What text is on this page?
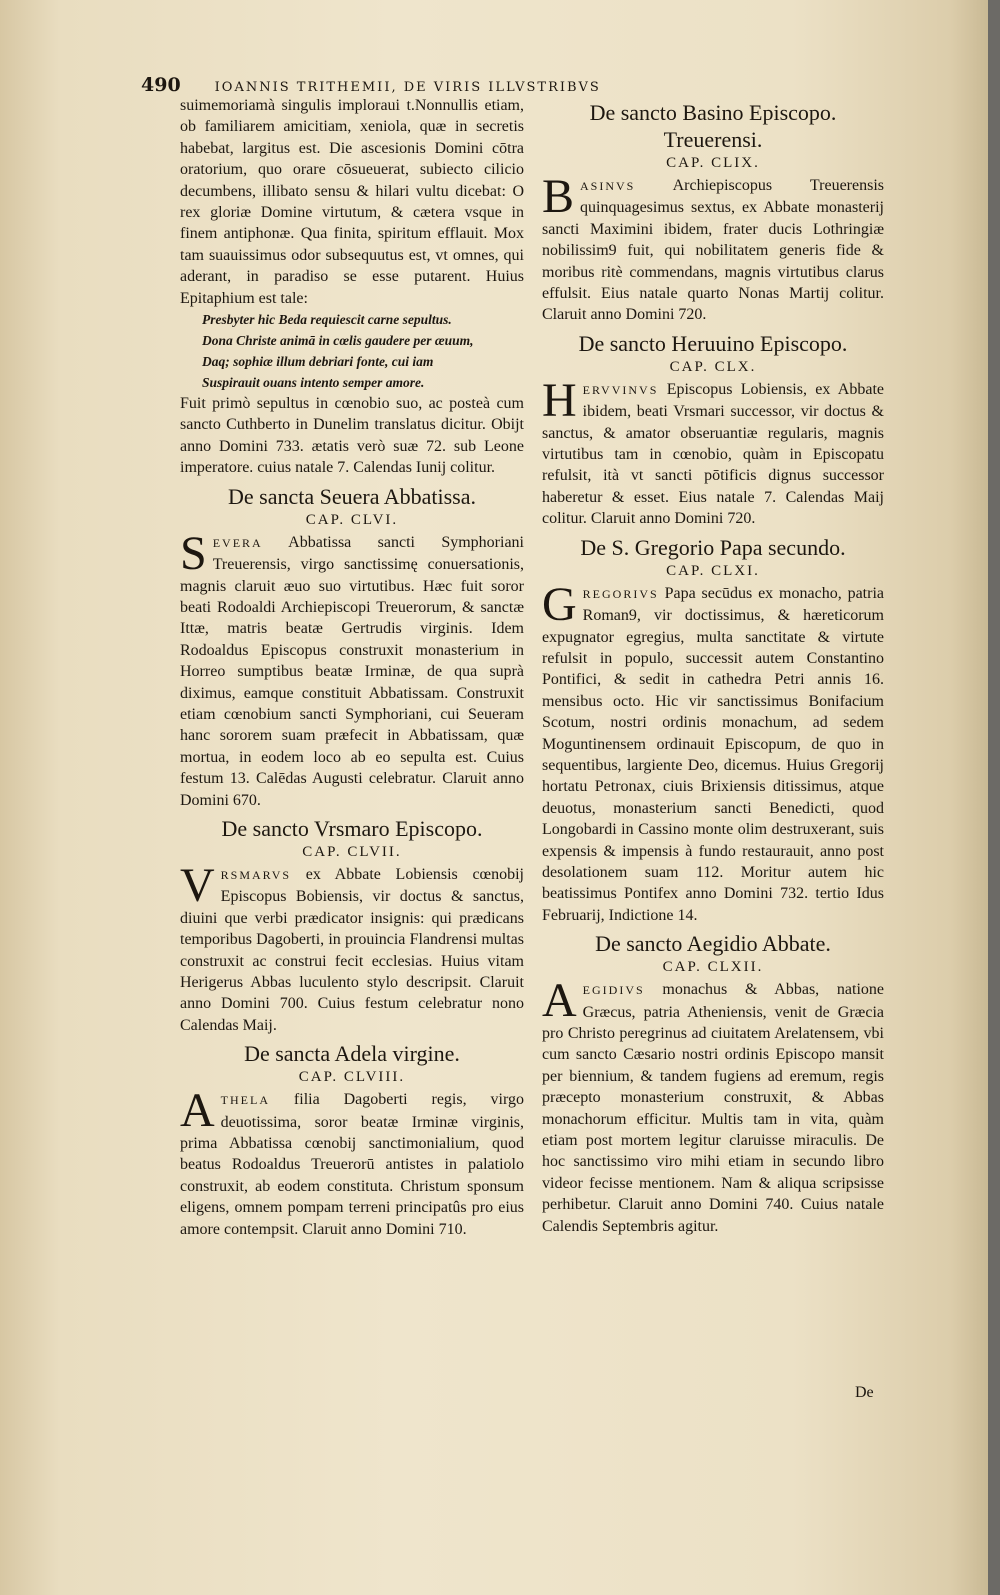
490	IOANNIS TRITHEMII, DE VIRIS ILLVSTRIBVS

suimemoriamà singulis imploraui t.Nonnullis etiam, ob familiarem amicitiam, xeniola, quæ in secretis habebat, largitus est. Die ascesionis Domini cōtra oratorium, quo orare cōsueuerat, subiecto cilicio decumbens, illibato sensu & hilari vultu dicebat: O rex gloriæ Domine virtutum, & cætera vsque in finem antiphonæ. Qua finita, spiritum efflauit. Mox tam suauissimus odor subsequutus est, vt omnes, qui aderant, in paradiso se esse putarent. Huius Epitaphium est tale:

Presbyter hic Beda requiescit carne sepultus.

Dona Christe animā in cœlis gaudere per æuum,

Daq; sophiæ illum debriari fonte, cui iam

Suspirauit ouans intento semper amore.

Fuit primò sepultus in cœnobio suo, ac posteà cum sancto Cuthberto in Dunelim translatus dicitur. Obijt anno Domini 733. ætatis verò suæ 72. sub Leone imperatore. cuius natale 7. Calendas Iunij colitur.

De sancta Seuera Abbatissa.
CAP. CLVI.

SEVERA Abbatissa sancti Symphoriani Treuerensis, virgo sanctissimę conuersationis, magnis claruit æuo suo virtutibus. Hæc fuit soror beati Rodoaldi Archiepiscopi Treuerorum, & sanctæ Ittæ, matris beatæ Gertrudis virginis. Idem Rodoaldus Episcopus construxit monasterium in Horreo sumptibus beatæ Irminæ, de qua suprà diximus, eamque constituit Abbatissam. Construxit etiam cœnobium sancti Symphoriani, cui Seueram hanc sororem suam præfecit in Abbatissam, quæ mortua, in eodem loco ab eo sepulta est. Cuius festum 13. Calēdas Augusti celebratur. Claruit anno Domini 670.

De sancto Vrsmaro Episcopo.
CAP. CLVII.

VRSMARVS ex Abbate Lobiensis cœnobij Episcopus Bobiensis, vir doctus & sanctus, diuini que verbi prædicator insignis: qui prædicans temporibus Dagoberti, in prouincia Flandrensi multas construxit ac construi fecit ecclesias. Huius vitam Herigerus Abbas luculento stylo descripsit. Claruit anno Domini 700. Cuius festum celebratur nono Calendas Maij.

De sancta Adela virgine.
CAP. CLVIII.

ATHELA filia Dagoberti regis, virgo deuotissima, soror beatæ Irminæ virginis, prima Abbatissa cœnobij sanctimonialium, quod beatus Rodoaldus Treuerorū antistes in palatiolo construxit, ab eodem constituta. Christum sponsum eligens, omnem pompam terreni principatûs pro eius amore contempsit. Claruit anno Domini 710.

De sancto Basino Episcopo. Treuerensi.
CAP. CLIX.

BASINVS Archiepiscopus Treuerensis quinquagesimus sextus, ex Abbate monasterij sancti Maximini ibidem, frater ducis Lothringiæ nobilissim9 fuit, qui nobilitatem generis fide & moribus ritè commendans, magnis virtutibus clarus effulsit. Eius natale quarto Nonas Martij colitur. Claruit anno Domini 720.

De sancto Heruuino Episcopo.
CAP. CLX.

HERVVINVS Episcopus Lobiensis, ex Abbate ibidem, beati Vrsmari successor, vir doctus & sanctus, & amator obseruantiæ regularis, magnis virtutibus tam in cœnobio, quàm in Episcopatu refulsit, ità vt sancti pōtificis dignus successor haberetur & esset. Eius natale 7. Calendas Maij colitur. Claruit anno Domini 720.

De S. Gregorio Papa secundo.
CAP. CLXI.

GREGORIVS Papa secūdus ex monacho, patria Roman9, vir doctissimus, & hæreticorum expugnator egregius, multa sanctitate & virtute refulsit in populo, successit autem Constantino Pontifici, & sedit in cathedra Petri annis 16. mensibus octo. Hic vir sanctissimus Bonifacium Scotum, nostri ordinis monachum, ad sedem Moguntinensem ordinauit Episcopum, de quo in sequentibus, largiente Deo, dicemus. Huius Gregorij hortatu Petronax, ciuis Brixiensis ditissimus, atque deuotus, monasterium sancti Benedicti, quod Longobardi in Cassino monte olim destruxerant, suis expensis & impensis à fundo restaurauit, anno post desolationem suam 112. Moritur autem hic beatissimus Pontifex anno Domini 732. tertio Idus Februarij, Indictione 14.

De sancto Aegidio Abbate.
CAP. CLXII.

AEGIDIVS monachus & Abbas, natione Græcus, patria Atheniensis, venit de Græcia pro Christo peregrinus ad ciuitatem Arelatensem, vbi cum sancto Cæsario nostri ordinis Episcopo mansit per biennium, & tandem fugiens ad eremum, regis præcepto monasterium construxit, & Abbas monachorum efficitur. Multis tam in vita, quàm etiam post mortem legitur claruisse miraculis. De hoc sanctissimo viro mihi etiam in secundo libro videor fecisse mentionem. Nam & aliqua scripsisse perhibetur. Claruit anno Domini 740. Cuius natale Calendis Septembris agitur.

De
